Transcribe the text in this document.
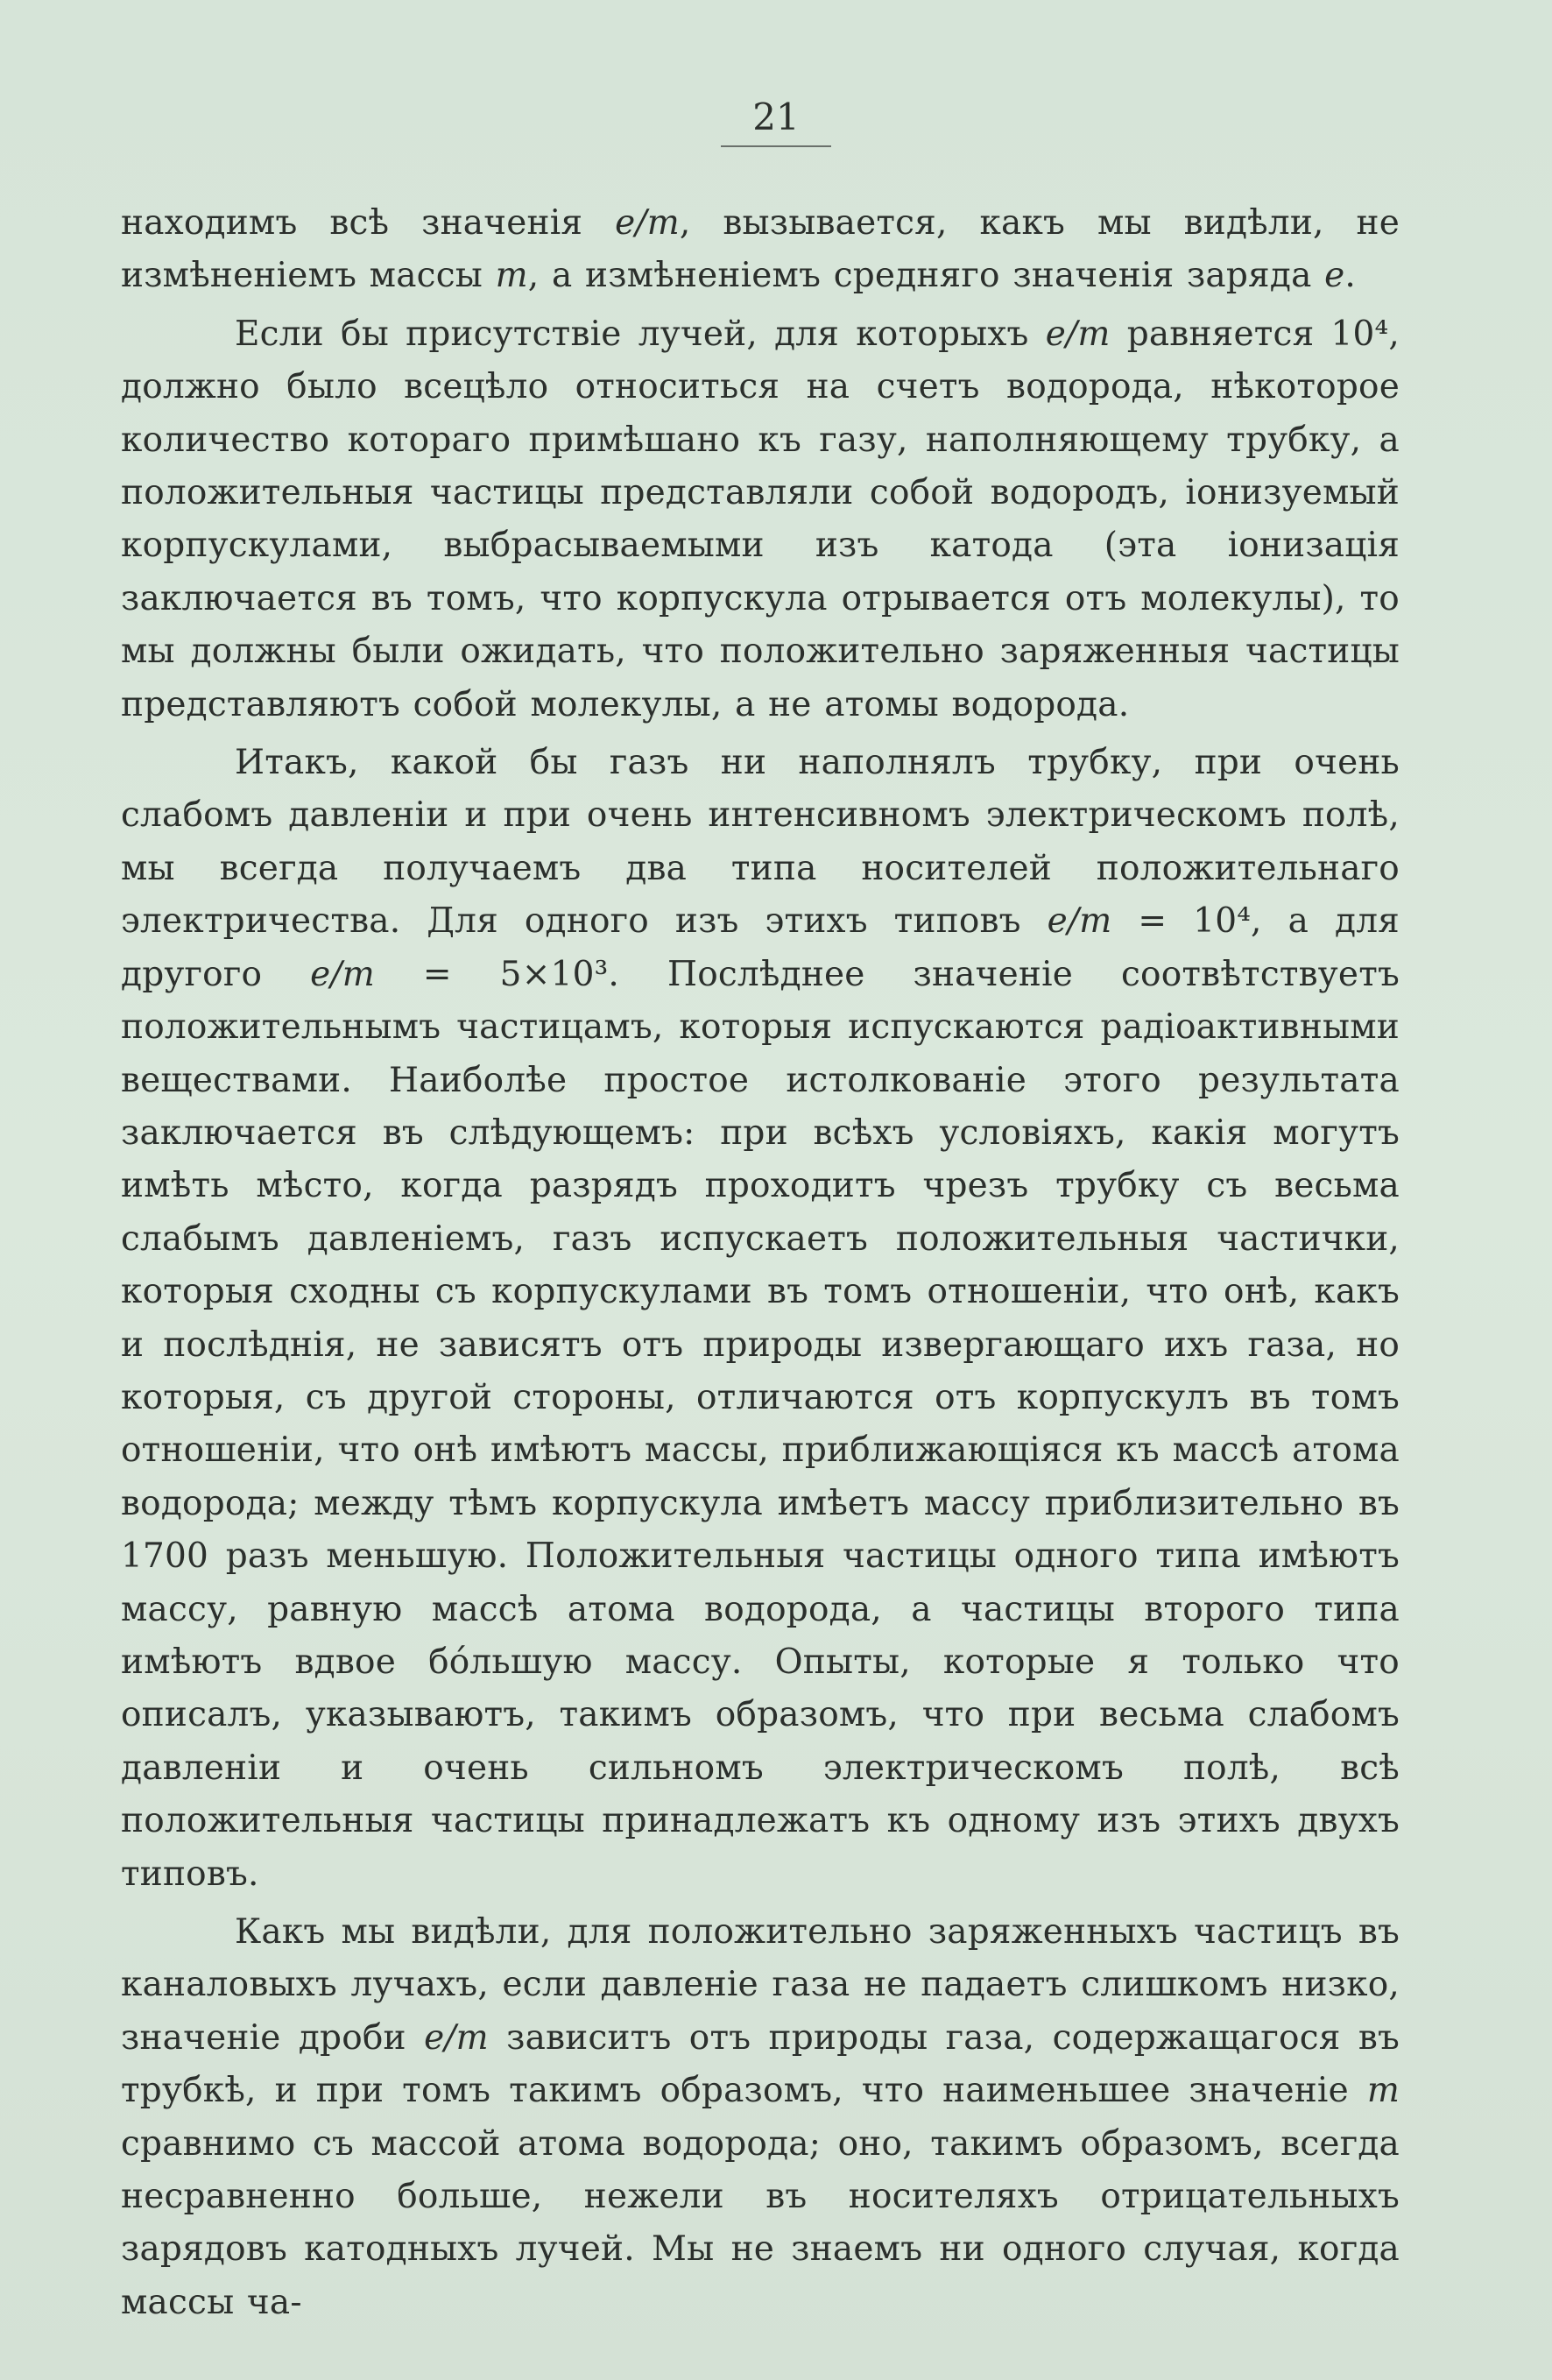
21

находимъ всѣ значенія e/m, вызывается, какъ мы видѣли, не измѣненіемъ массы m, а измѣненіемъ средняго значенія заряда e.

Если бы присутствіе лучей, для которыхъ e/m равняется 10⁴, должно было всецѣло относиться на счетъ водорода, нѣкоторое количество котораго примѣшано къ газу, наполняющему трубку, а положительныя частицы представляли собой водородъ, іонизуемый корпускулами, выбрасываемыми изъ катода (эта іонизація заключается въ томъ, что корпускула отрывается отъ молекулы), то мы должны были ожидать, что положительно заряженныя частицы представляютъ собой молекулы, а не атомы водорода.

Итакъ, какой бы газъ ни наполнялъ трубку, при очень слабомъ давленіи и при очень интенсивномъ электрическомъ полѣ, мы всегда получаемъ два типа носителей положительнаго электричества. Для одного изъ этихъ типовъ e/m = 10⁴, а для другого e/m = 5×10³. Послѣднее значеніе соотвѣтствуетъ положительнымъ частицамъ, которыя испускаются радіоактивными веществами. Наиболѣе простое истолкованіе этого результата заключается въ слѣдующемъ: при всѣхъ условіяхъ, какія могутъ имѣть мѣсто, когда разрядъ проходитъ чрезъ трубку съ весьма слабымъ давленіемъ, газъ испускаетъ положительныя частички, которыя сходны съ корпускулами въ томъ отношеніи, что онѣ, какъ и послѣднія, не зависятъ отъ природы извергающаго ихъ газа, но которыя, съ другой стороны, отличаются отъ корпускулъ въ томъ отношеніи, что онѣ имѣютъ массы, приближающіяся къ массѣ атома водорода; между тѣмъ корпускула имѣетъ массу приблизительно въ 1700 разъ меньшую. Положительныя частицы одного типа имѣютъ массу, равную массѣ атома водорода, а частицы второго типа имѣютъ вдвое бо́льшую массу. Опыты, которые я только что описалъ, указываютъ, такимъ образомъ, что при весьма слабомъ давленіи и очень сильномъ электрическомъ полѣ, всѣ положительныя частицы принадлежатъ къ одному изъ этихъ двухъ типовъ.

Какъ мы видѣли, для положительно заряженныхъ частицъ въ каналовыхъ лучахъ, если давленіе газа не падаетъ слишкомъ низко, значеніе дроби e/m зависитъ отъ природы газа, содержащагося въ трубкѣ, и при томъ такимъ образомъ, что наименьшее значеніе m сравнимо съ массой атома водорода; оно, такимъ образомъ, всегда несравненно больше, нежели въ носителяхъ отрицательныхъ зарядовъ катодныхъ лучей. Мы не знаемъ ни одного случая, когда массы ча-
